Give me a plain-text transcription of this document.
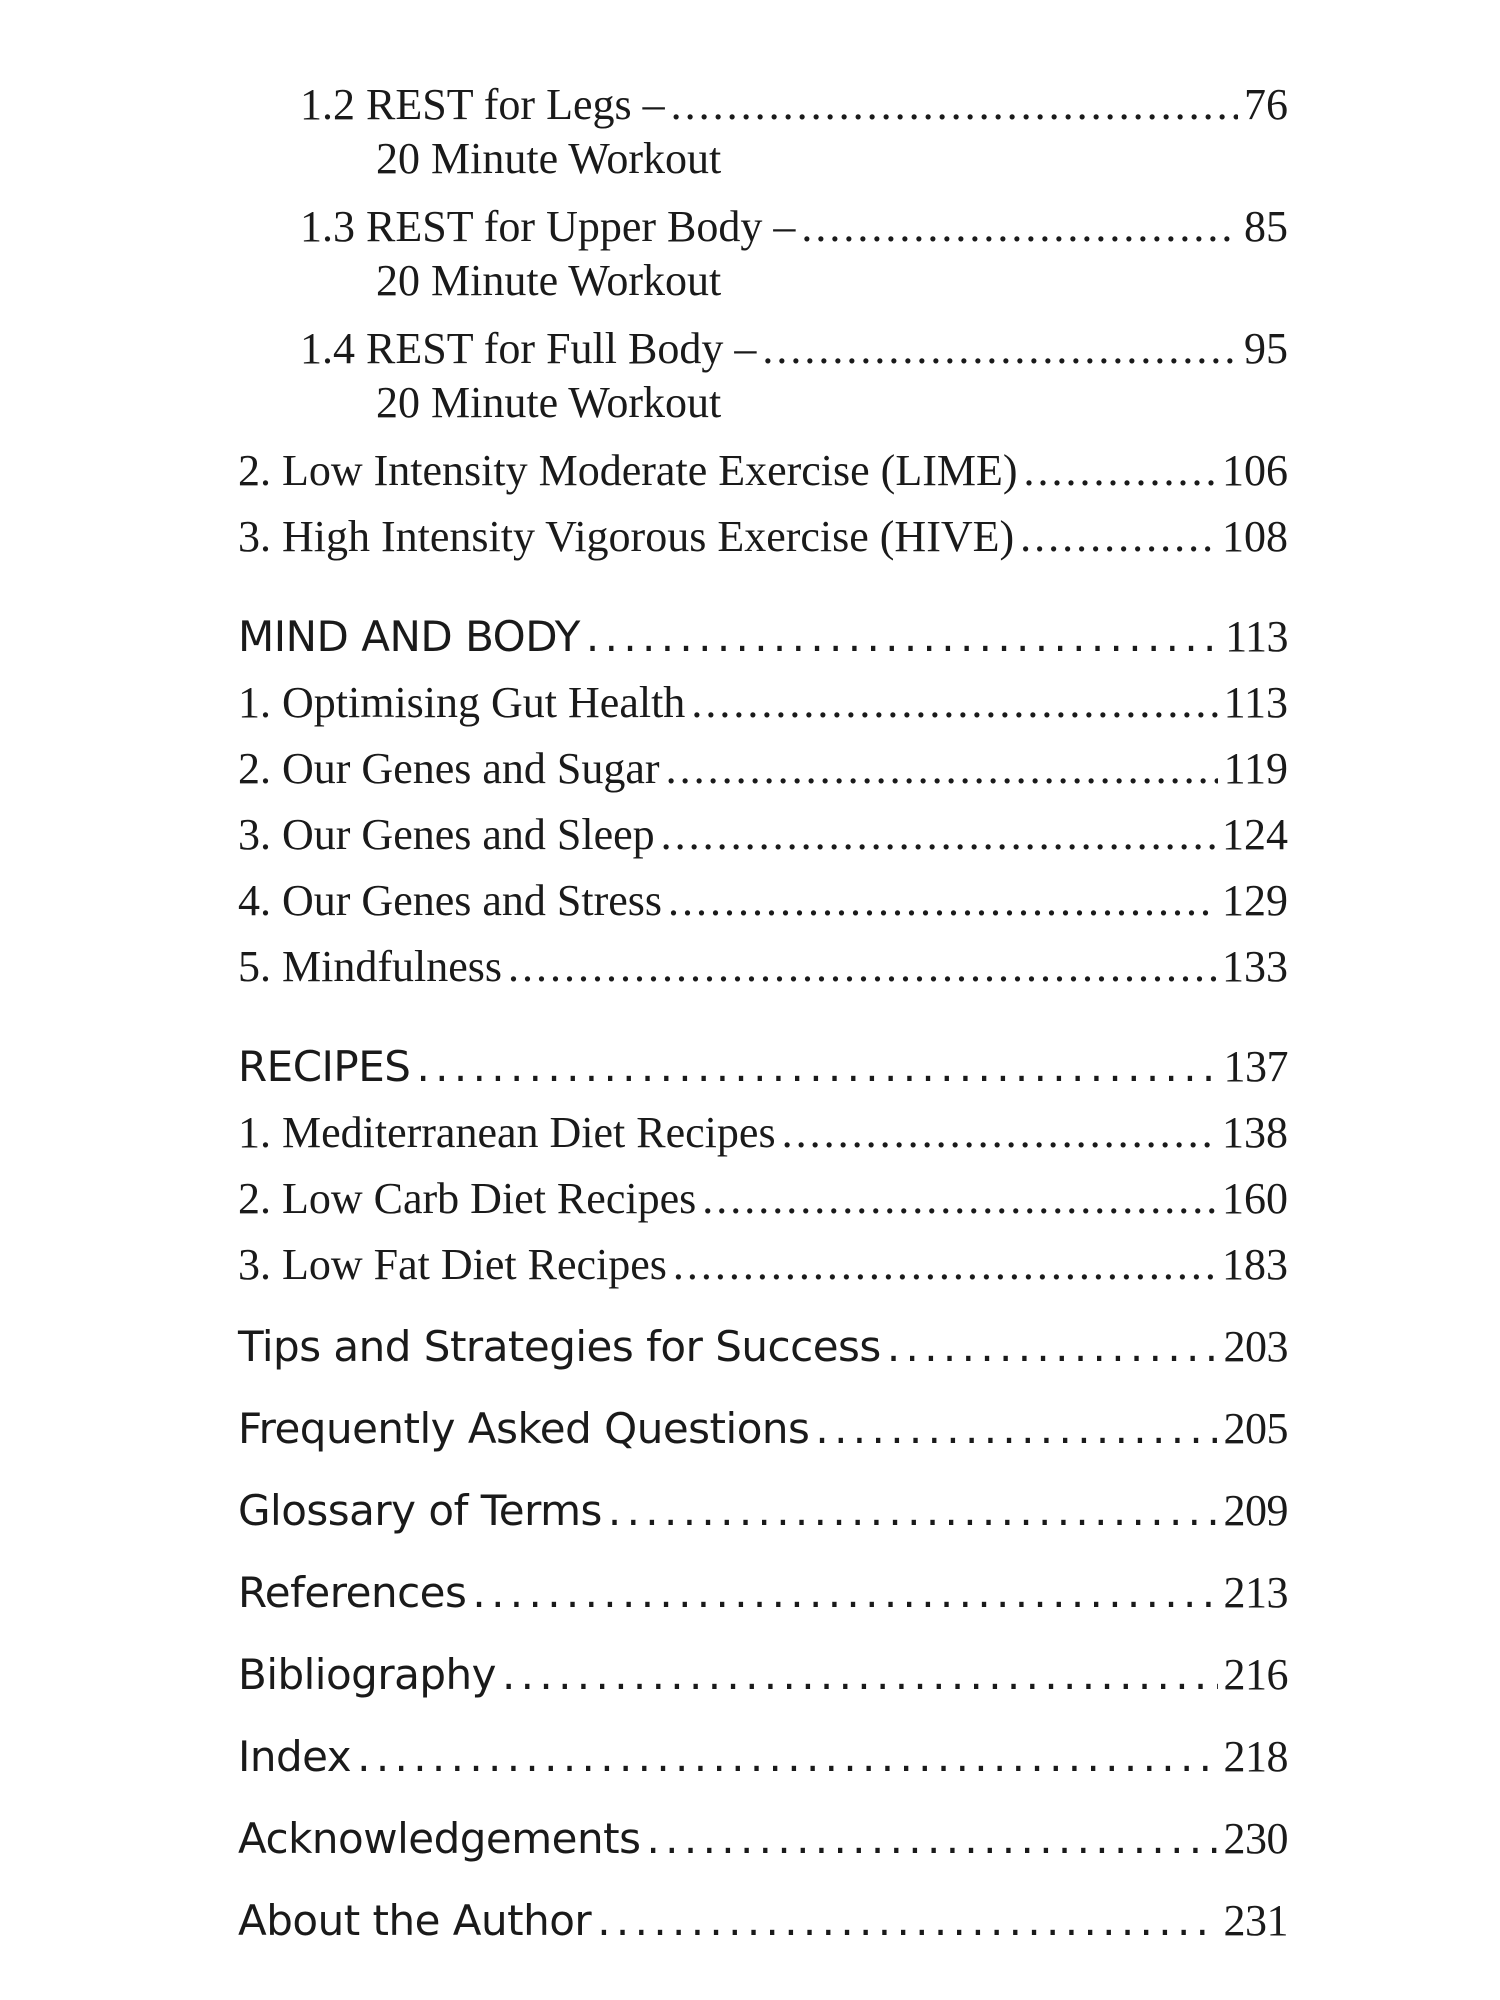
1.2 REST for Legs – . . .	76
20 Minute Workout
1.3 REST for Upper Body – . . .	85
20 Minute Workout
1.4 REST for Full Body – . . .	95
20 Minute Workout
2. Low Intensity Moderate Exercise (LIME) . . .	106
3. High Intensity Vigorous Exercise (HIVE) . . .	108
MIND AND BODY . . .	113
1. Optimising Gut Health . . .	113
2. Our Genes and Sugar . . .	119
3. Our Genes and Sleep . . .	124
4. Our Genes and Stress . . .	129
5. Mindfulness . . .	133
RECIPES . . .	137
1. Mediterranean Diet Recipes . . .	138
2. Low Carb Diet Recipes . . .	160
3. Low Fat Diet Recipes . . .	183
Tips and Strategies for Success . . .	203
Frequently Asked Questions . . .	205
Glossary of Terms . . .	209
References . . .	213
Bibliography . . .	216
Index . . .	218
Acknowledgements . . .	230
About the Author . . .	231
